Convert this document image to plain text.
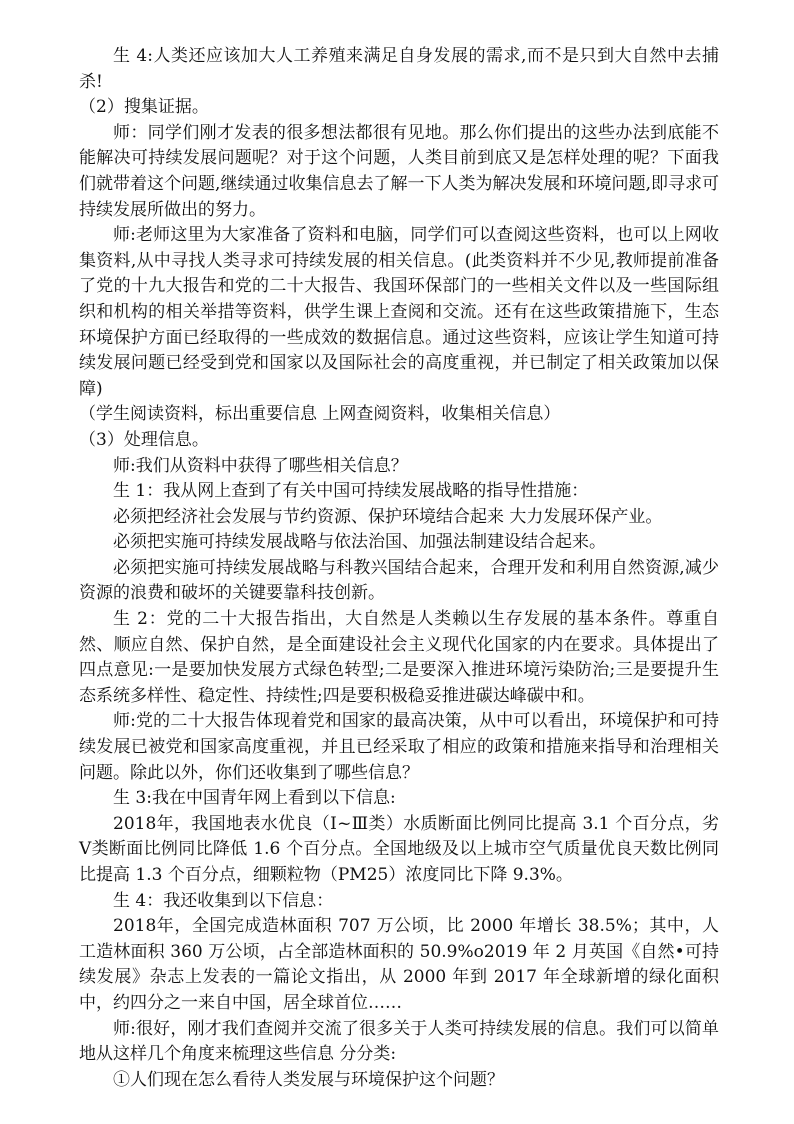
生 4:人类还应该加大人工养殖来满足自身发展的需求,而不是只到大自然中去捕杀!

（2）搜集证据。

师：同学们刚才发表的很多想法都很有见地。那么你们提出的这些办法到底能不能解决可持续发展问题呢？对于这个问题，人类目前到底又是怎样处理的呢？下面我们就带着这个问题,继续通过收集信息去了解一下人类为解决发展和环境问题,即寻求可持续发展所做出的努力。

师:老师这里为大家准备了资料和电脑，同学们可以查阅这些资料，也可以上网收集资料,从中寻找人类寻求可持续发展的相关信息。(此类资料并不少见,教师提前准备了党的十九大报告和党的二十大报告、我国环保部门的一些相关文件以及一些国际组织和机构的相关举措等资料，供学生课上查阅和交流。还有在这些政策措施下，生态环境保护方面已经取得的一些成效的数据信息。通过这些资料，应该让学生知道可持续发展问题已经受到党和国家以及国际社会的高度重视，并已制定了相关政策加以保障)

（学生阅读资料，标出重要信息 上网查阅资料，收集相关信息）

（3）处理信息。

师:我们从资料中获得了哪些相关信息？

生 1：我从网上查到了有关中国可持续发展战略的指导性措施：

必须把经济社会发展与节约资源、保护环境结合起来 大力发展环保产业。

必须把实施可持续发展战略与依法治国、加强法制建设结合起来。

必须把实施可持续发展战略与科教兴国结合起来，合理开发和利用自然资源,减少资源的浪费和破坏的关键要靠科技创新。

生 2：党的二十大报告指出，大自然是人类赖以生存发展的基本条件。尊重自然、顺应自然、保护自然，是全面建设社会主义现代化国家的内在要求。具体提出了四点意见:一是要加快发展方式绿色转型;二是要深入推进环境污染防治;三是要提升生态系统多样性、稳定性、持续性;四是要积极稳妥推进碳达峰碳中和。

师:党的二十大报告体现着党和国家的最高决策，从中可以看出，环境保护和可持续发展已被党和国家高度重视，并且已经采取了相应的政策和措施来指导和治理相关问题。除此以外，你们还收集到了哪些信息？

生 3:我在中国青年网上看到以下信息:

2018年，我国地表水优良（Ⅰ~Ⅲ类）水质断面比例同比提高 3.1 个百分点，劣Ⅴ类断面比例同比降低 1.6 个百分点。全国地级及以上城市空气质量优良天数比例同比提高 1.3 个百分点，细颗粒物（PM25）浓度同比下降 9.3%。

生 4：我还收集到以下信息：

2018年，全国完成造林面积 707 万公顷，比 2000 年增长 38.5%；其中，人工造林面积 360 万公顷，占全部造林面积的 50.9%o2019 年 2 月英国《自然•可持续发展》杂志上发表的一篇论文指出，从 2000 年到 2017 年全球新增的绿化面积中，约四分之一来自中国，居全球首位……

师:很好，刚才我们查阅并交流了很多关于人类可持续发展的信息。我们可以简单地从这样几个角度来梳理这些信息 分分类:

①人们现在怎么看待人类发展与环境保护这个问题？
